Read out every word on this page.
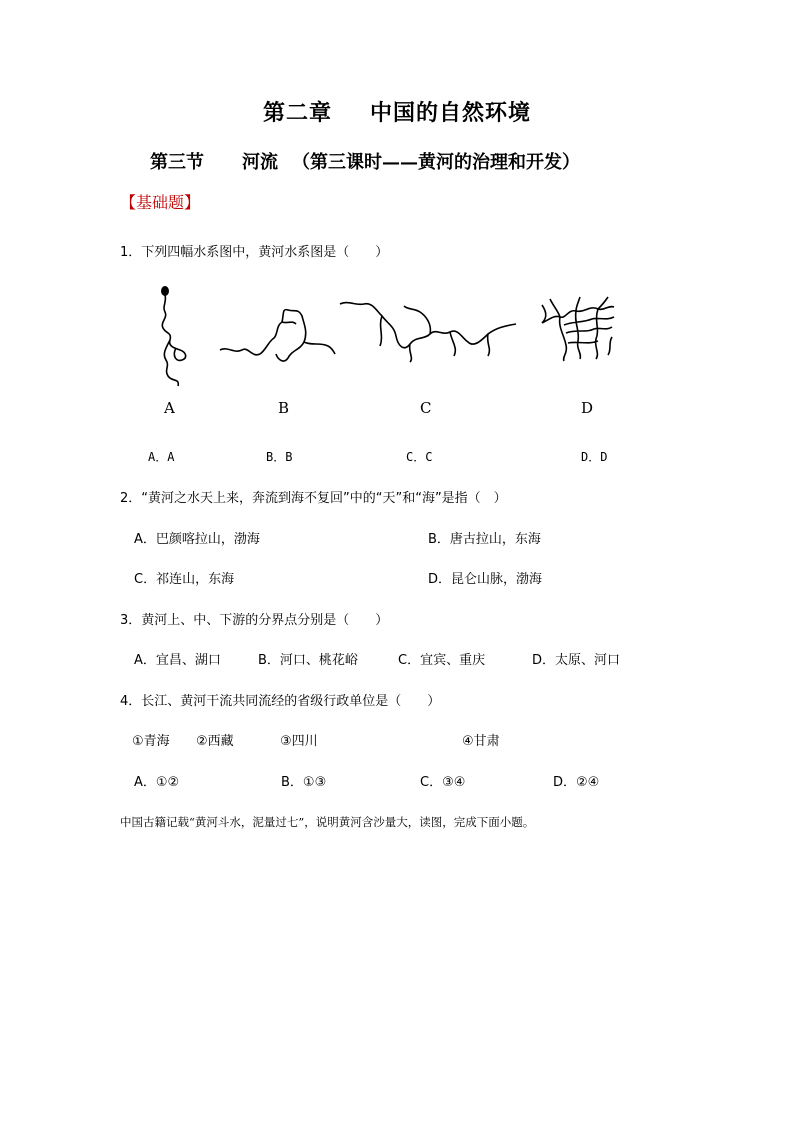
第二章 中国的自然环境
第三节 河流 （第三课时——黄河的治理和开发）
【基础题】
1．下列四幅水系图中，黄河水系图是（　　）
A	B	C	D
A．A	B．B	C．C	D．D
2．“黄河之水天上来，奔流到海不复回”中的“天”和“海”是指（　）
A．巴颜喀拉山，渤海	B．唐古拉山，东海
C．祁连山，东海	D．昆仑山脉，渤海
3．黄河上、中、下游的分界点分别是（　　）
A．宜昌、湖口	B．河口、桃花峪	C．宜宾、重庆	D．太原、河口
4．长江、黄河干流共同流经的省级行政单位是（　　）
①青海 ②西藏	③四川	④甘肃
A．①②	B．①③	C．③④	D．②④
中国古籍记载“黄河斗水，泥量过七”，说明黄河含沙量大，读图，完成下面小题。
